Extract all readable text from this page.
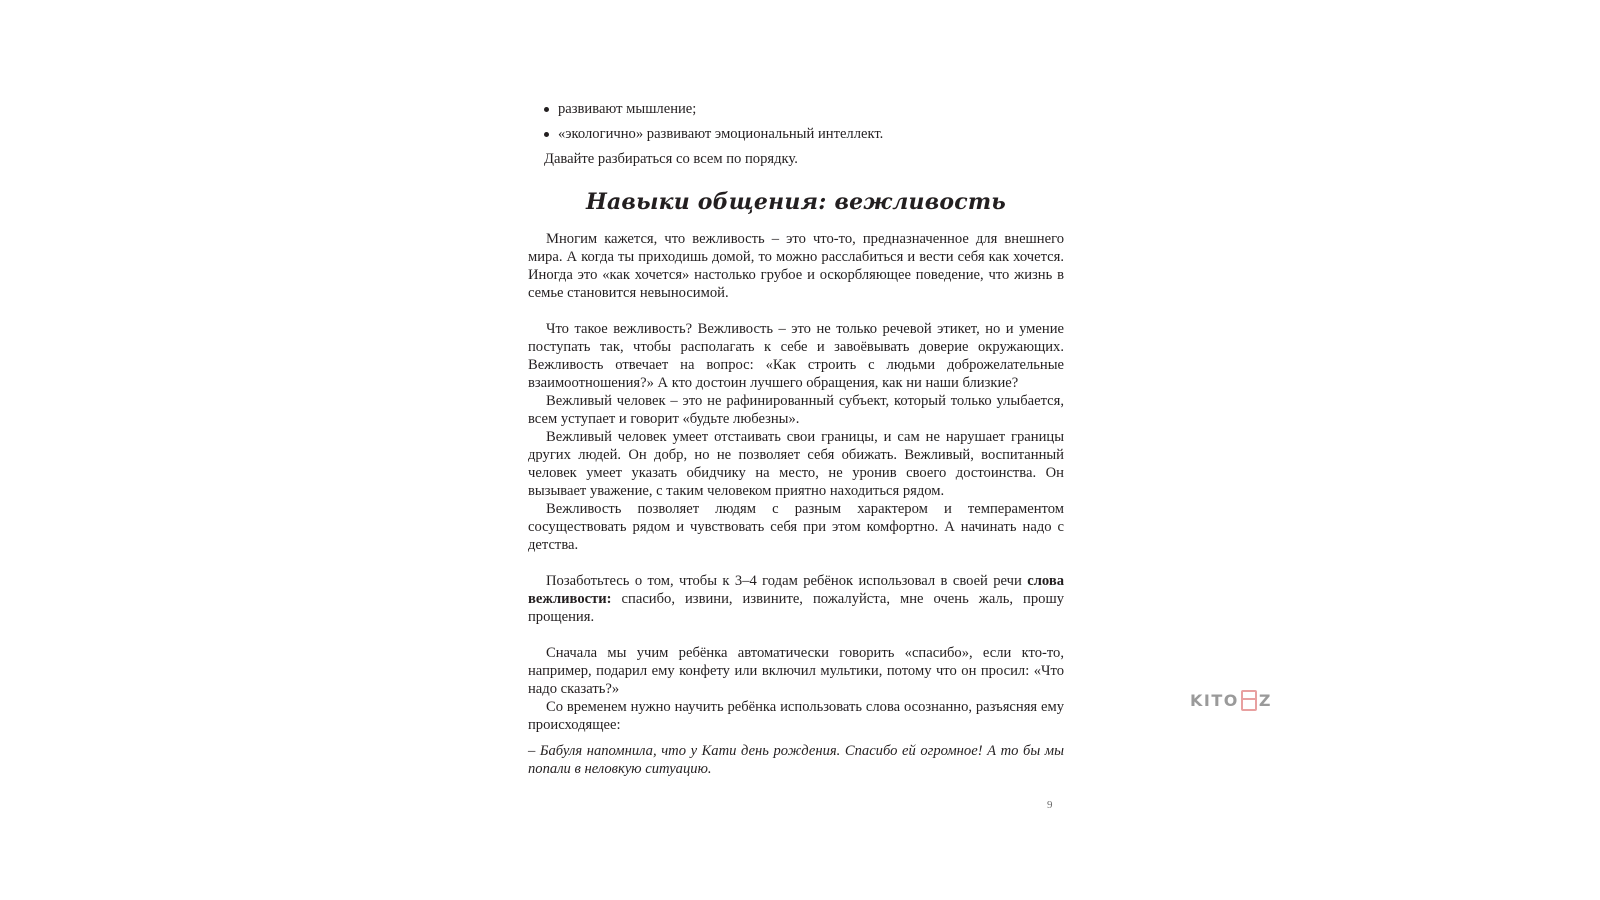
развивают мышление;
«экологично» развивают эмоциональный интеллект.

Давайте разбираться со всем по порядку.

Навыки общения: вежливость

Многим кажется, что вежливость – это что-то, предназначенное для внешнего мира. А когда ты приходишь домой, то можно расслабиться и вести себя как хочется. Иногда это «как хочется» настолько грубое и оскорбляющее поведение, что жизнь в семье становится невыносимой.

Что такое вежливость? Вежливость – это не только речевой этикет, но и умение поступать так, чтобы располагать к себе и завоёвывать доверие окружающих. Вежливость отвечает на вопрос: «Как строить с людьми доброжелательные взаимоотношения?» А кто достоин лучшего обращения, как ни наши близкие?

Вежливый человек – это не рафинированный субъект, который только улыбается, всем уступает и говорит «будьте любезны».

Вежливый человек умеет отстаивать свои границы, и сам не нарушает границы других людей. Он добр, но не позволяет себя обижать. Вежливый, воспитанный человек умеет указать обидчику на место, не уронив своего достоинства. Он вызывает уважение, с таким человеком приятно находиться рядом.

Вежливость позволяет людям с разным характером и темпераментом сосуществовать рядом и чувствовать себя при этом комфортно. А начинать надо с детства.

Позаботьтесь о том, чтобы к 3–4 годам ребёнок использовал в своей речи слова вежливости: спасибо, извини, извините, пожалуйста, мне очень жаль, прошу прощения.

Сначала мы учим ребёнка автоматически говорить «спасибо», если кто-то, например, подарил ему конфету или включил мультики, потому что он просил: «Что надо сказать?»

Со временем нужно научить ребёнка использовать слова осознанно, разъясняя ему происходящее:

– Бабуля напомнила, что у Кати день рождения. Спасибо ей огромное! А то бы мы попали в неловкую ситуацию.

9
KITO Z
